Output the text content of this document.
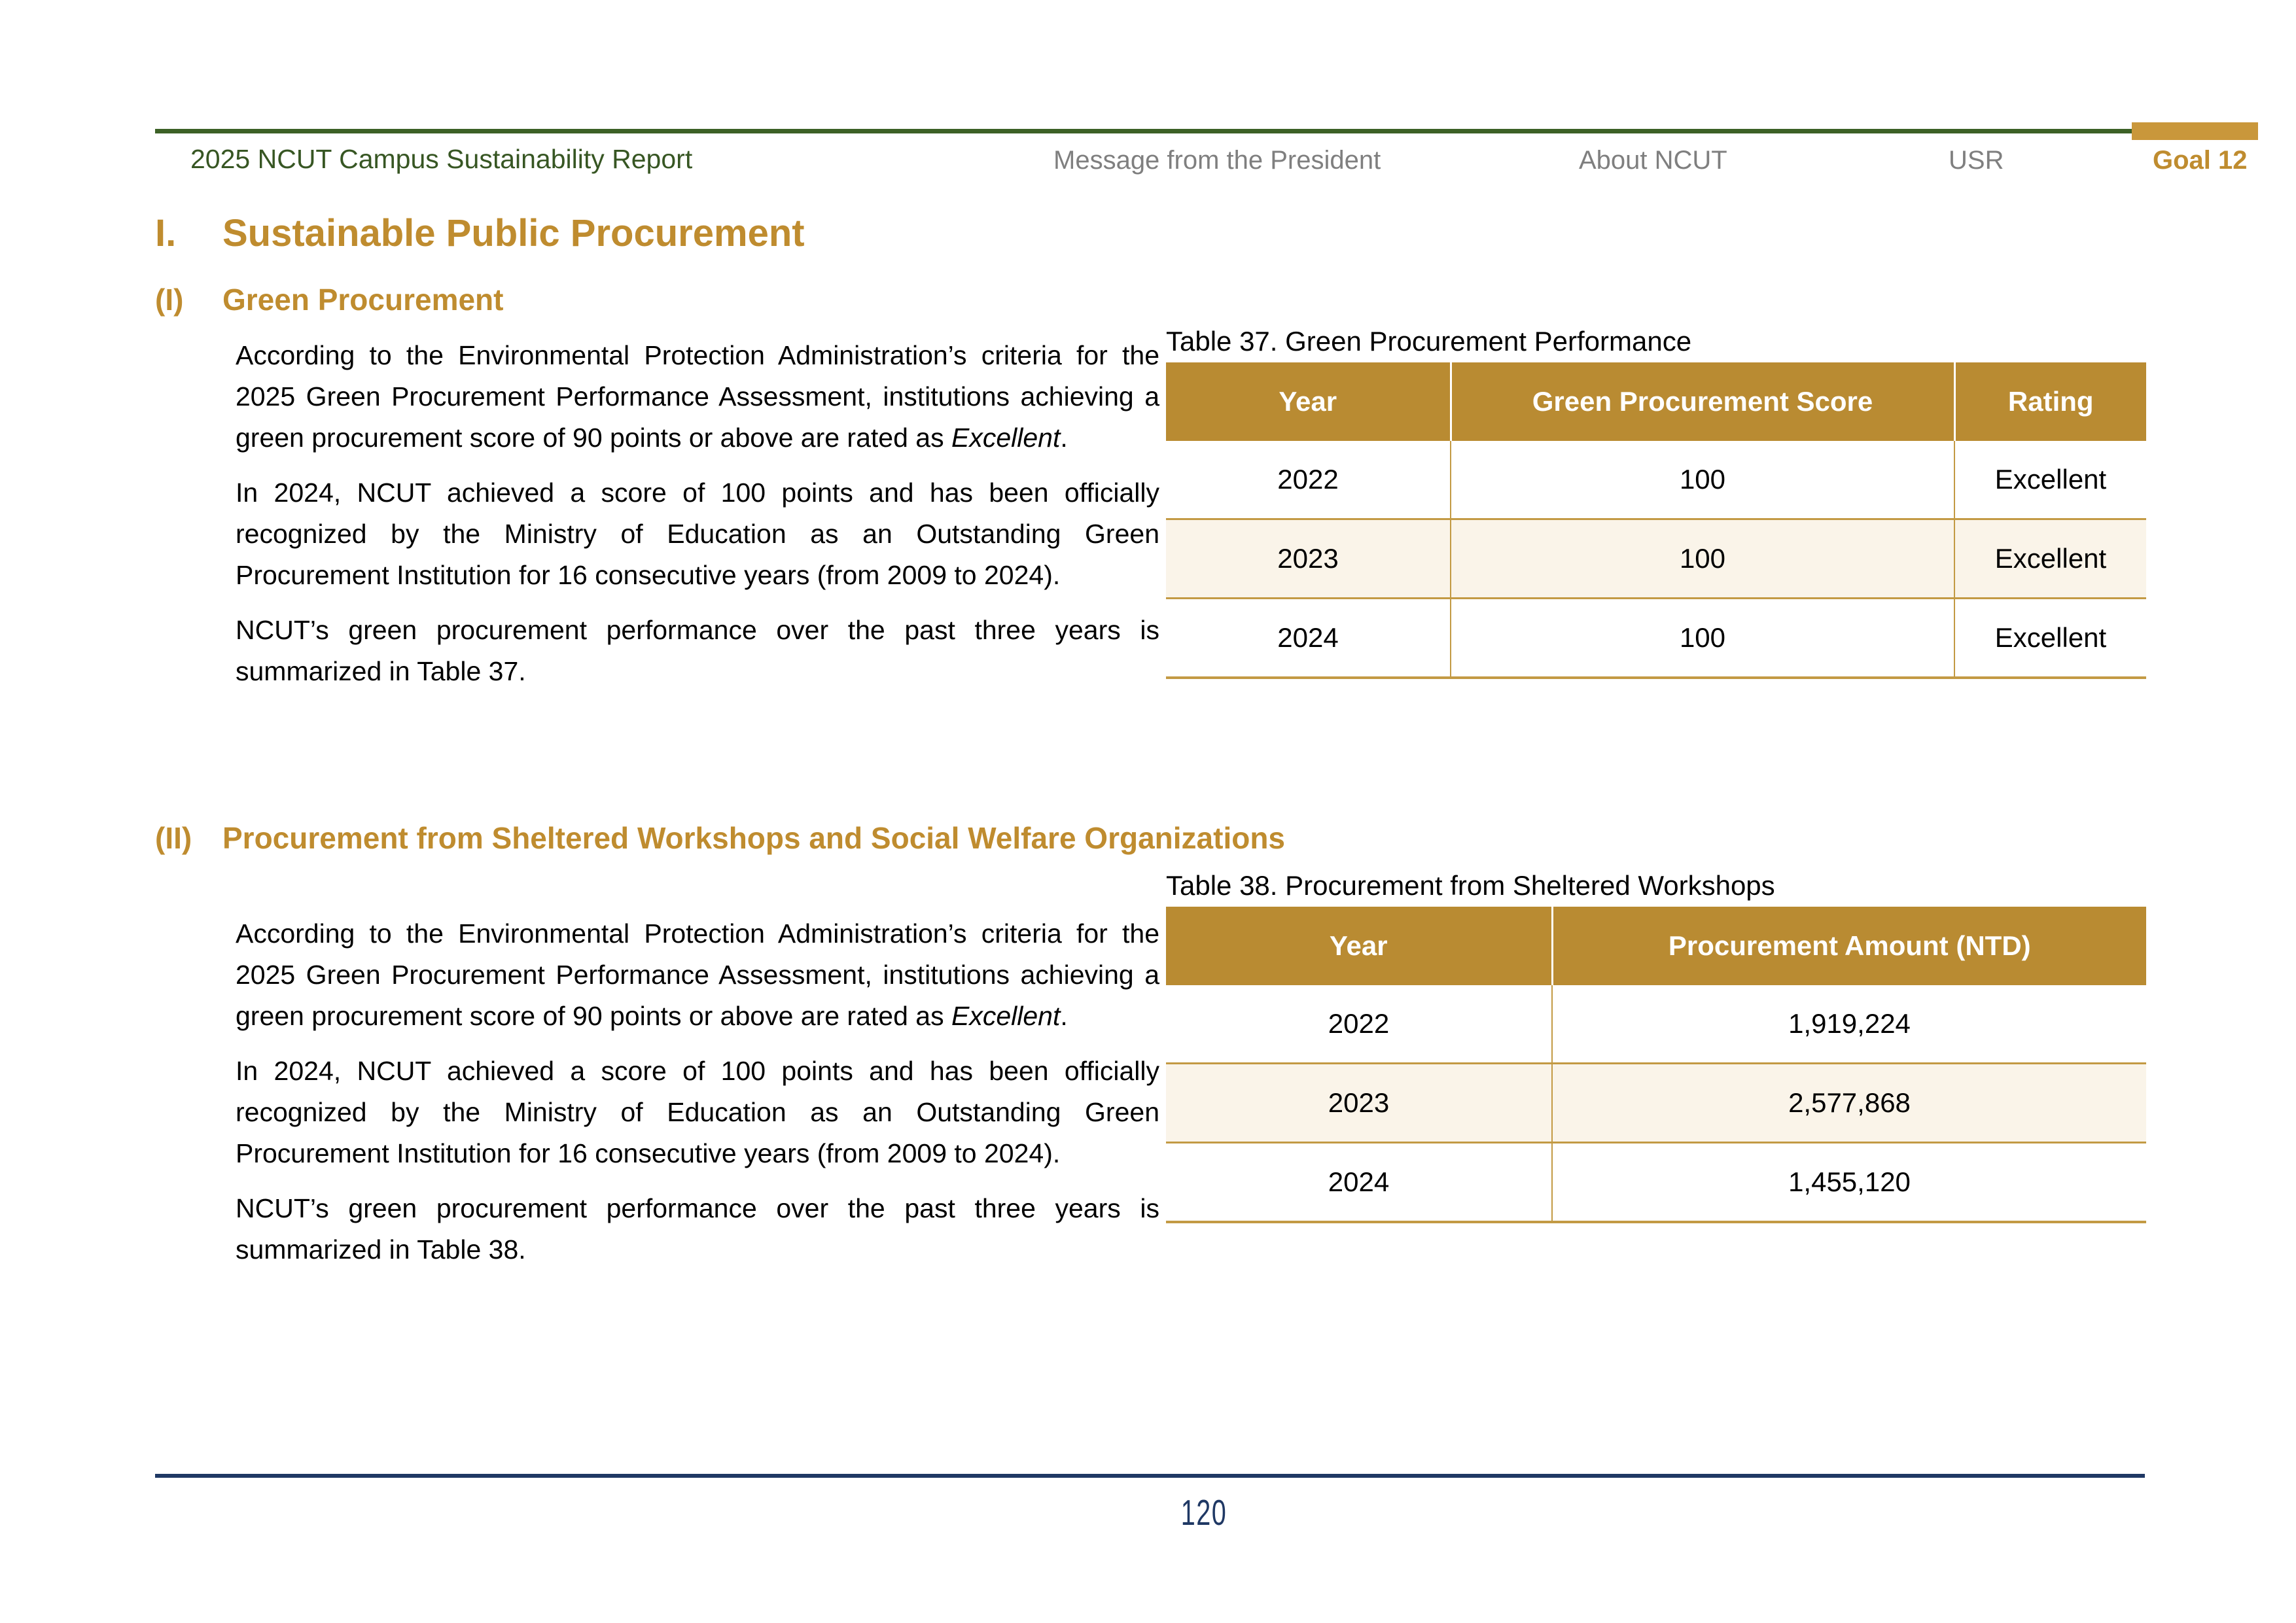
2025 NCUT Campus Sustainability Report	Message from the President	About NCUT	USR	Goal 12
I.	Sustainable Public Procurement
(I)	Green Procurement

According to the Environmental Protection Administration’s criteria for the 2025 Green Procurement Performance Assessment, institutions achieving a green procurement score of 90 points or above are rated as Excellent.

In 2024, NCUT achieved a score of 100 points and has been officially recognized by the Ministry of Education as an Outstanding Green Procurement Institution for 16 consecutive years (from 2009 to 2024).

NCUT’s green procurement performance over the past three years is summarized in Table 37.

Table 37. Green Procurement Performance
Year	Green Procurement Score	Rating
2022	100	Excellent
2023	100	Excellent
2024	100	Excellent
(II)	Procurement from Sheltered Workshops and Social Welfare Organizations

According to the Environmental Protection Administration’s criteria for the 2025 Green Procurement Performance Assessment, institutions achieving a green procurement score of 90 points or above are rated as Excellent.

In 2024, NCUT achieved a score of 100 points and has been officially recognized by the Ministry of Education as an Outstanding Green Procurement Institution for 16 consecutive years (from 2009 to 2024).

NCUT’s green procurement performance over the past three years is summarized in Table 38.

Table 38. Procurement from Sheltered Workshops
Year	Procurement Amount (NTD)
2022	1,919,224
2023	2,577,868
2024	1,455,120
120
